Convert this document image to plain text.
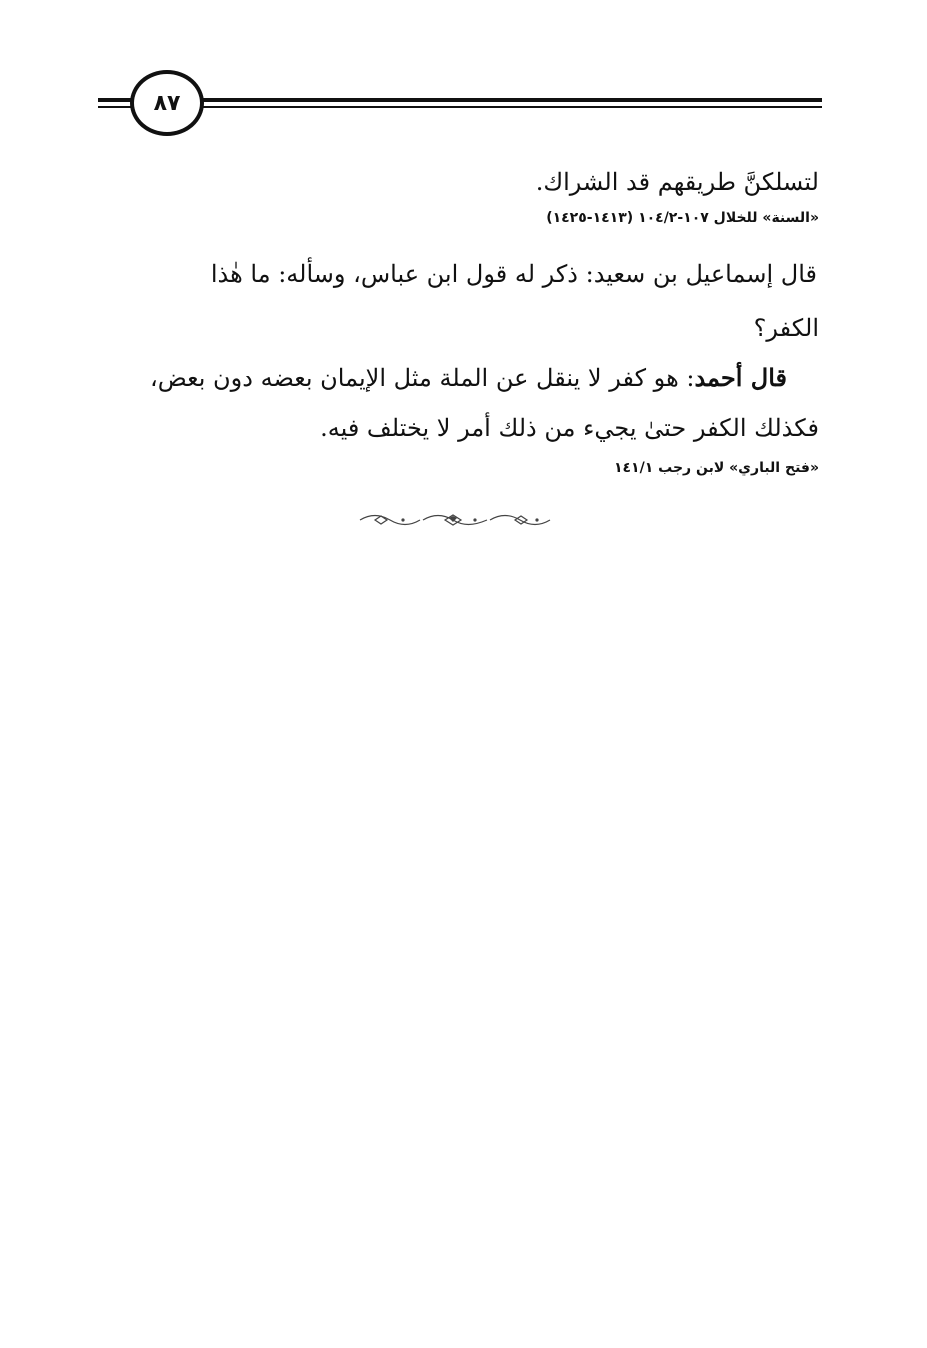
٨٧
لتسلكنَّ طريقهم قد الشراك.
«السنة» للخلال ١٠٧-١٠٤/٢ (١٤١٣-١٤٢٥)
قال إسماعيل بن سعيد: ذكر له قول ابن عباس، وسأله: ما هٰذا
الكفر؟
قال أحمد: هو كفر لا ينقل عن الملة مثل الإيمان بعضه دون بعض،
فكذلك الكفر حتىٰ يجيء من ذلك أمر لا يختلف فيه.
«فتح الباري» لابن رجب ١٤١/١
